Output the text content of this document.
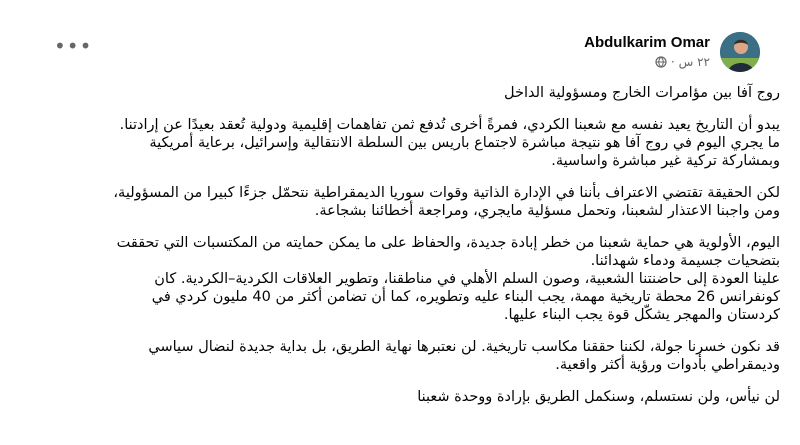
Abdulkarim Omar
٢٢ س
·
•••
روج آفا بين مؤامرات الخارج ومسؤولية الداخل
يبدو أن التاريخ يعيد نفسه مع شعبنا الكردي، فمرةً أخرى تُدفع ثمن تفاهمات إقليمية ودولية تُعقد بعيدًا عن إرادتنا.
ما يجري اليوم في روج آفا هو نتيجة مباشرة لاجتماع باريس بين السلطة الانتقالية وإسرائيل، برعاية أمريكية
وبمشاركة تركية غير مباشرة واساسية.
لكن الحقيقة تقتضي الاعتراف بأننا في الإدارة الذاتية وقوات سوريا الديمقراطية نتحمّل جزءًا كبيرا من المسؤولية،
ومن واجبنا الاعتذار لشعبنا، وتحمل مسؤلية مايجري، ومراجعة أخطائنا بشجاعة.
اليوم، الأولوية هي حماية شعبنا من خطر إبادة جديدة، والحفاظ على ما يمكن حمايته من المكتسبات التي تحققت
بتضحيات جسيمة ودماء شهدائنا.
علينا العودة إلى حاضنتنا الشعبية، وصون السلم الأهلي في مناطقنا، وتطوير العلاقات الكردية–الكردية. كان
كونفرانس 26 محطة تاريخية مهمة، يجب البناء عليه وتطويره، كما أن تضامن أكثر من 40 مليون كردي في
كردستان والمهجر يشكّل قوة يجب البناء عليها.
قد نكون خسرنا جولة، لكننا حققنا مكاسب تاريخية. لن نعتبرها نهاية الطريق، بل بداية جديدة لنضال سياسي
وديمقراطي بأدوات ورؤية أكثر واقعية.
لن نيأس، ولن نستسلم، وسنكمل الطريق بإرادة ووحدة شعبنا
